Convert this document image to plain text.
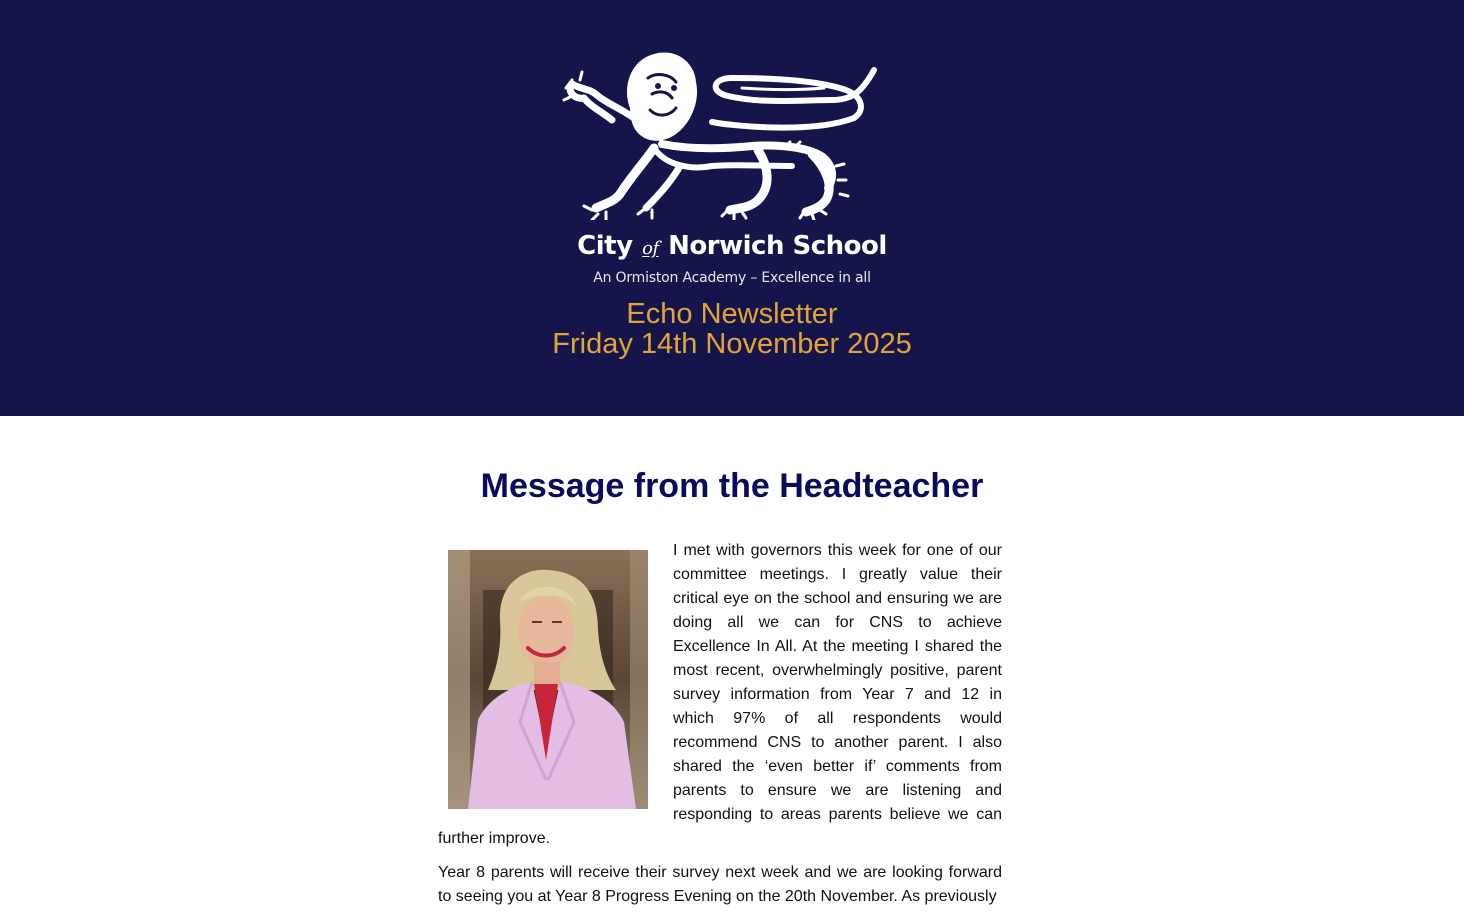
City of Norwich School
An Ormiston Academy – Excellence in all
Echo Newsletter
Friday 14th November 2025
Message from the Headteacher

I met with governors this week for one of our committee meetings. I greatly value their critical eye on the school and ensuring we are doing all we can for CNS to achieve Excellence In All. At the meeting I shared the most recent, overwhelmingly positive, parent survey information from Year 7 and 12 in which 97% of all respondents would recommend CNS to another parent. I also shared the ‘even better if’ comments from parents to ensure we are listening and responding to areas parents believe we can further improve.

Year 8 parents will receive their survey next week and we are looking forward to seeing you at Year 8 Progress Evening on the 20th November. As previously
